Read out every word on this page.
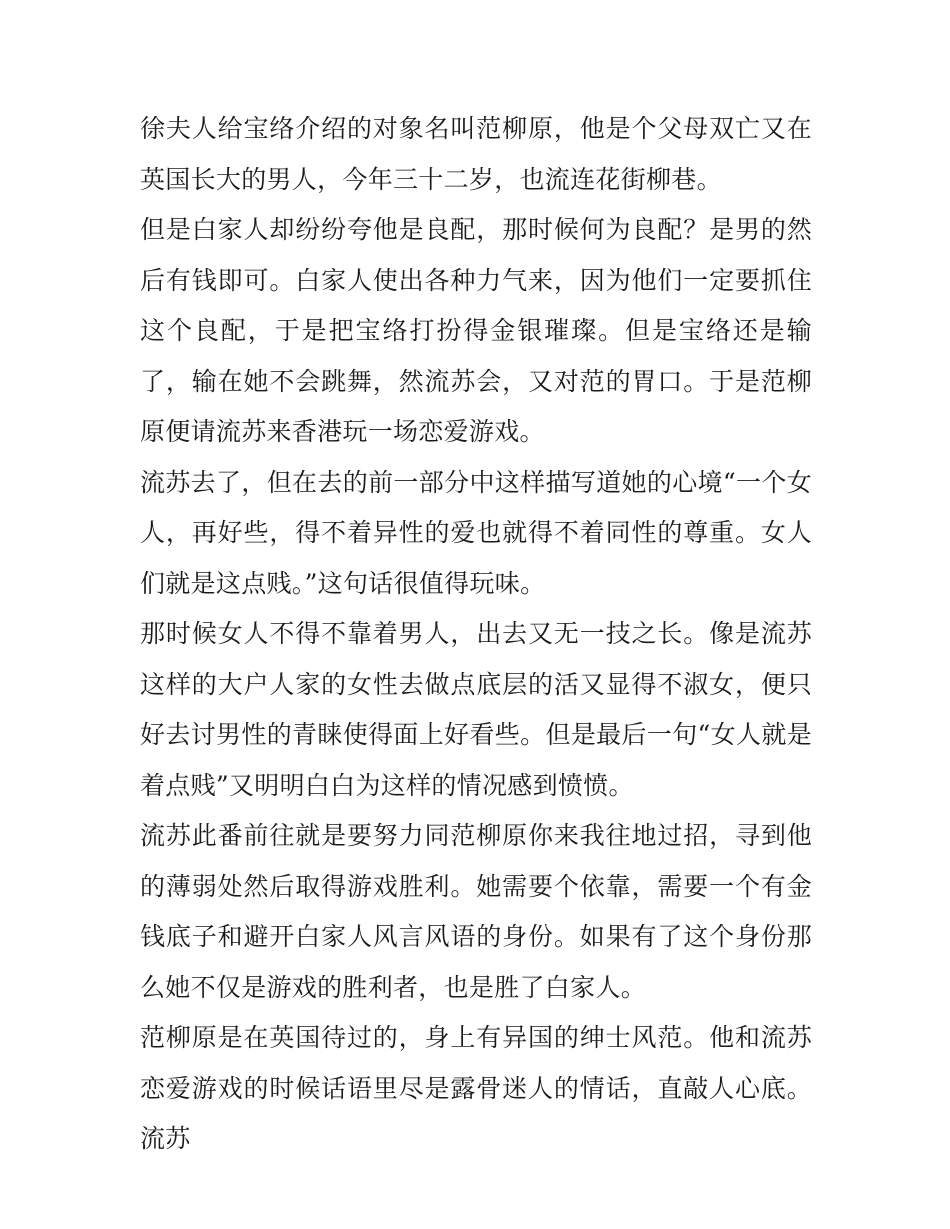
徐夫人给宝络介绍的对象名叫范柳原，他是个父母双亡又在英国长大的男人，今年三十二岁，也流连花街柳巷。

但是白家人却纷纷夸他是良配，那时候何为良配？是男的然后有钱即可。白家人使出各种力气来，因为他们一定要抓住这个良配，于是把宝络打扮得金银璀璨。但是宝络还是输了，输在她不会跳舞，然流苏会，又对范的胃口。于是范柳原便请流苏来香港玩一场恋爱游戏。

流苏去了，但在去的前一部分中这样描写道她的心境“一个女人，再好些，得不着异性的爱也就得不着同性的尊重。女人们就是这点贱。”这句话很值得玩味。

那时候女人不得不靠着男人，出去又无一技之长。像是流苏这样的大户人家的女性去做点底层的活又显得不淑女，便只好去讨男性的青睐使得面上好看些。但是最后一句“女人就是着点贱”又明明白白为这样的情况感到愤愤。

流苏此番前往就是要努力同范柳原你来我往地过招，寻到他的薄弱处然后取得游戏胜利。她需要个依靠，需要一个有金钱底子和避开白家人风言风语的身份。如果有了这个身份那么她不仅是游戏的胜利者，也是胜了白家人。

范柳原是在英国待过的，身上有异国的绅士风范。他和流苏恋爱游戏的时候话语里尽是露骨迷人的情话，直敲人心底。流苏
